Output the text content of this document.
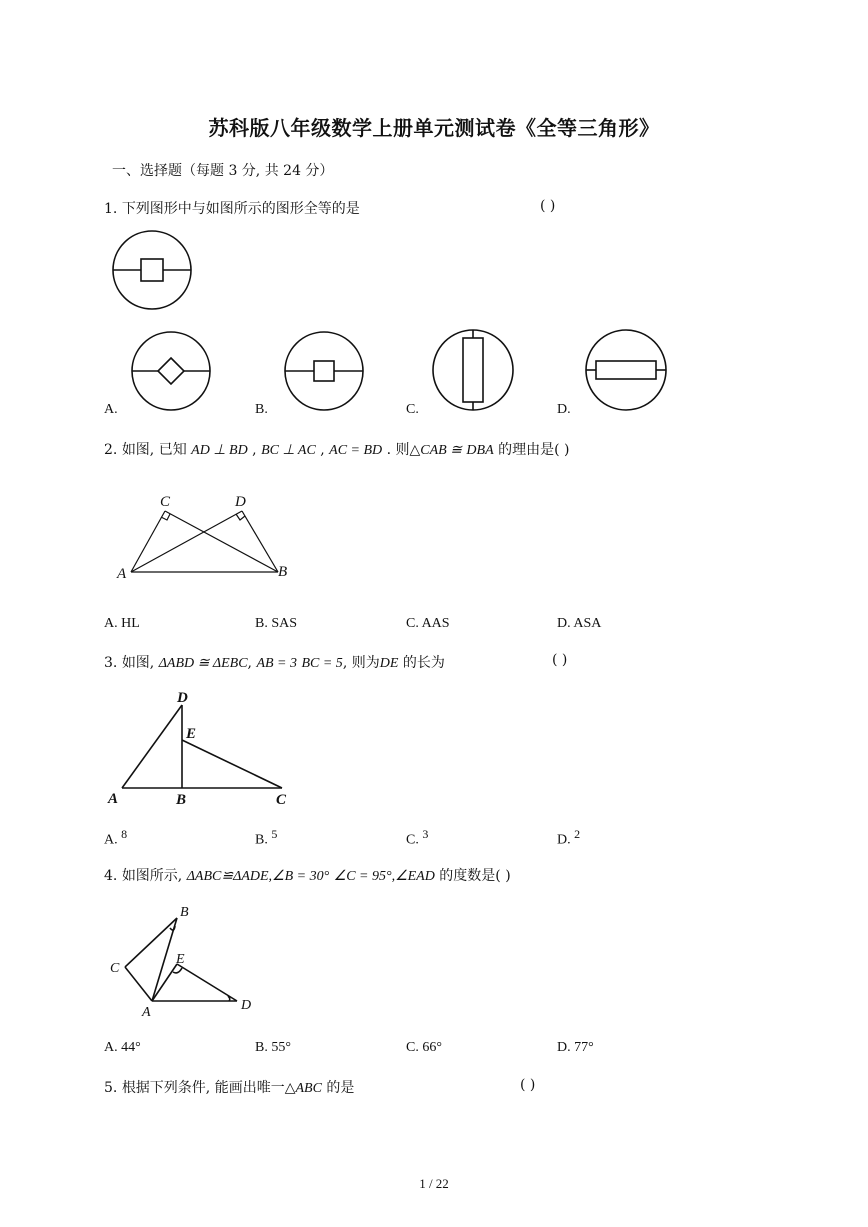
苏科版八年级数学上册单元测试卷《全等三角形》
一、选择题（每题 3 分, 共 24 分）
1. 下列图形中与如图所示的图形全等的是	( )
A.	B.	C.	D.
2. 如图, 已知 AD ⊥ BD , BC ⊥ AC , AC = BD . 则△CAB ≅ DBA 的理由是( )
C	D
A	B
A. HL	B. SAS	C. AAS	D. ASA
3. 如图, ΔABD ≅ ΔEBC, AB = 3 BC = 5, 则为DE 的长为	( )
D
E
A	B	C
A. $^8$	B. $^5$	C. $^3$	D. $^2$
4. 如图所示, ΔABC≌ΔADE,∠B = 30° ∠C = 95°,∠EAD 的度数是( )
B
C
E
A	D
A. 44°	B. 55°	C. 66°	D. 77°
5. 根据下列条件, 能画出唯一△ABC 的是	( )
1 / 22
